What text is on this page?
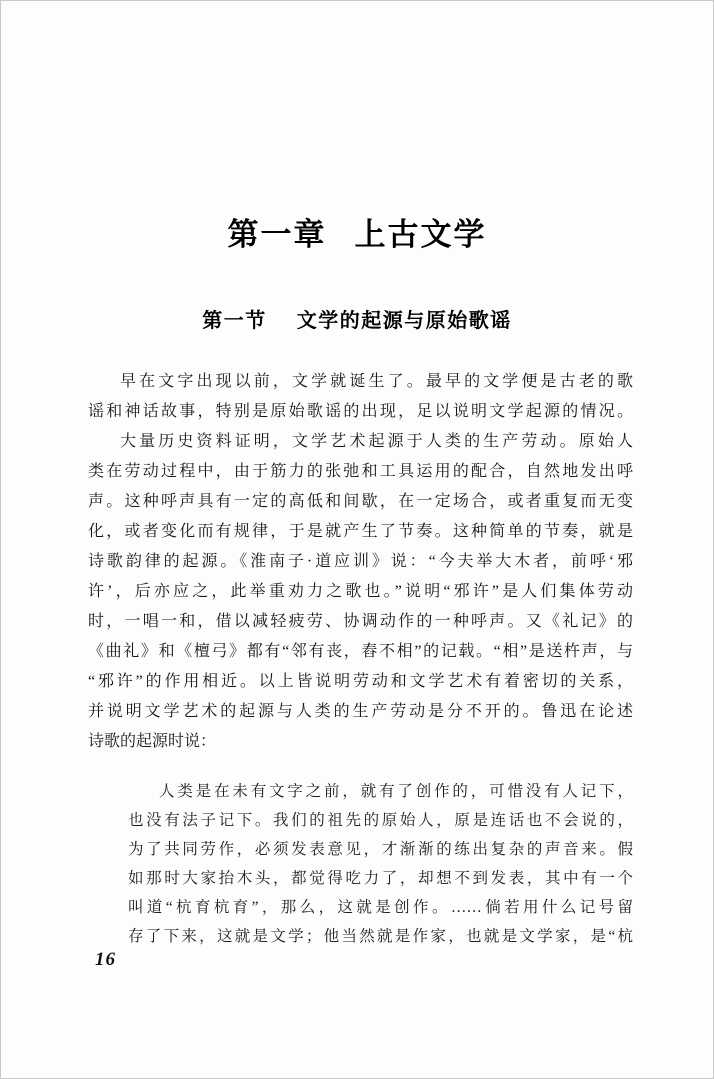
第一章 上古文学
第一节 文学的起源与原始歌谣
早在文字出现以前，文学就诞生了。最早的文学便是古老的歌
谣和神话故事，特别是原始歌谣的出现，足以说明文学起源的情况。
大量历史资料证明，文学艺术起源于人类的生产劳动。原始人
类在劳动过程中，由于筋力的张弛和工具运用的配合，自然地发出呼
声。这种呼声具有一定的高低和间歇，在一定场合，或者重复而无变
化，或者变化而有规律，于是就产生了节奏。这种简单的节奏，就是
诗歌韵律的起源。《淮南子·道应训》说：“今夫举大木者，前呼‘邪
许’，后亦应之，此举重劝力之歌也。”说明“邪许”是人们集体劳动
时，一唱一和，借以减轻疲劳、协调动作的一种呼声。又《礼记》的
《曲礼》和《檀弓》都有“邻有丧，舂不相”的记载。“相”是送杵声，与
“邪许”的作用相近。以上皆说明劳动和文学艺术有着密切的关系，
并说明文学艺术的起源与人类的生产劳动是分不开的。鲁迅在论述
诗歌的起源时说：
人类是在未有文字之前，就有了创作的，可惜没有人记下，
也没有法子记下。我们的祖先的原始人，原是连话也不会说的，
为了共同劳作，必须发表意见，才渐渐的练出复杂的声音来。假
如那时大家抬木头，都觉得吃力了，却想不到发表，其中有一个
叫道“杭育杭育”，那么，这就是创作。……倘若用什么记号留
存了下来，这就是文学；他当然就是作家，也就是文学家，是“杭
16
